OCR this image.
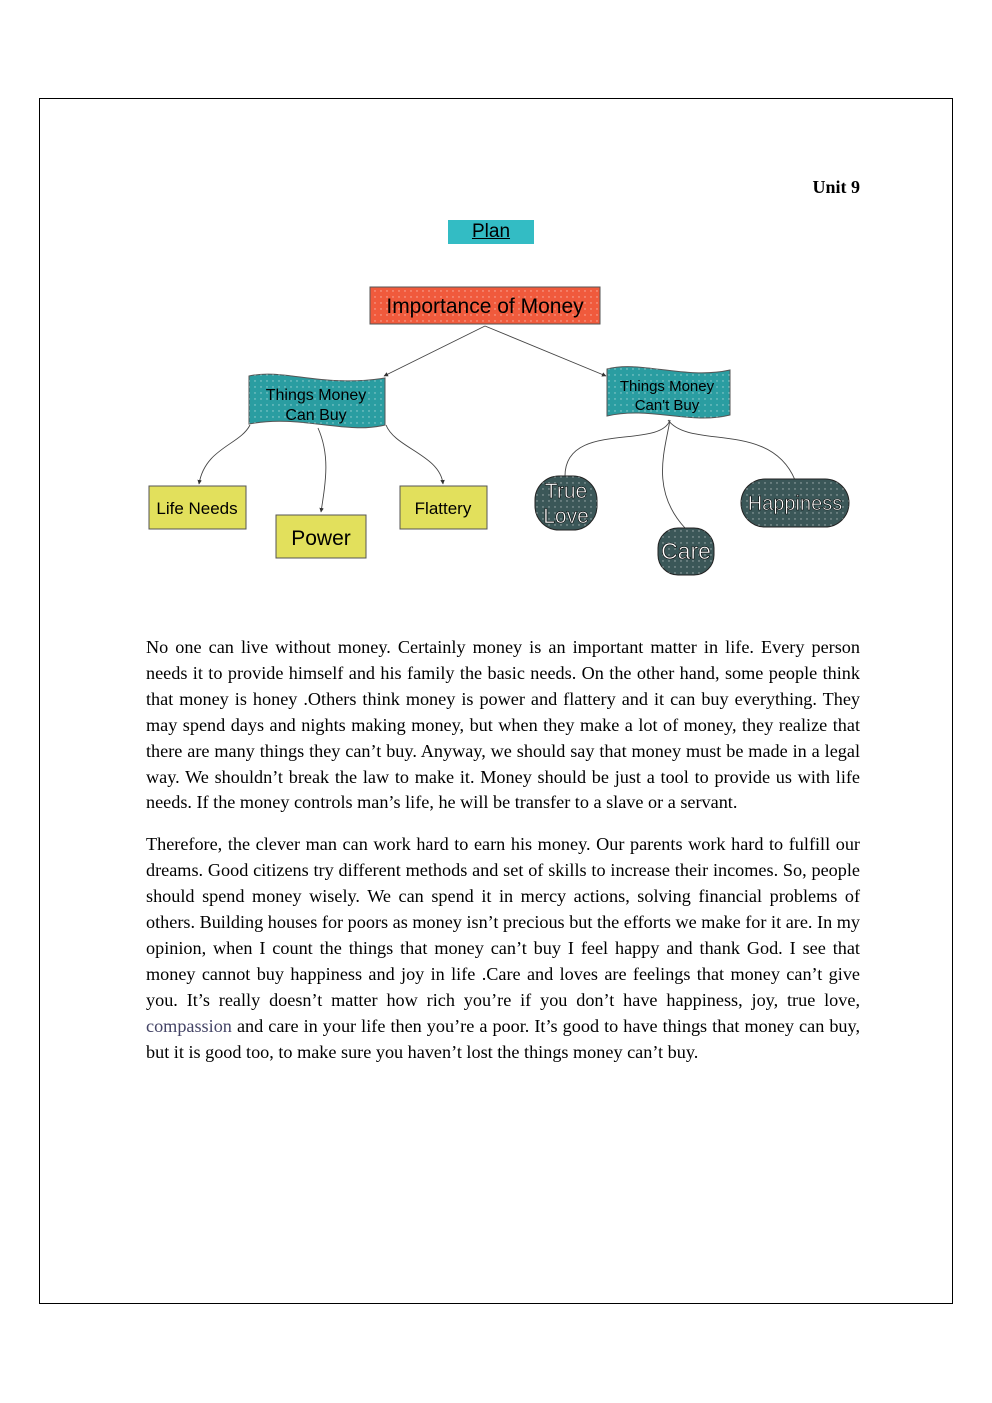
Unit 9
Plan
Importance of Money
Things Money
Can Buy
Things Money
Can't Buy
Life Needs
Power
Flattery
True
Love
Care
Happiness

No one can live without money. Certainly money is an important matter in life. Every person needs it to provide himself and his family the basic needs. On the other hand, some people think that money is honey .Others think money is power and flattery and it can buy everything. They may spend days and nights making money, but when they make a lot of money, they realize that there are many things they can’t buy. Anyway, we should say that money must be made in a legal way. We shouldn’t break the law to make it. Money should be just a tool to provide us with life needs. If the money controls man’s life, he will be transfer to a slave or a servant.

Therefore, the clever man can work hard to earn his money. Our parents work hard to fulfill our dreams. Good citizens try different methods and set of skills to increase their incomes. So, people should spend money wisely. We can spend it in mercy actions, solving financial problems of others. Building houses for poors as money isn’t precious but the efforts we make for it are. In my opinion, when I count the things that money can’t buy I feel happy and thank God. I see that money cannot buy happiness and joy in life .Care and loves are feelings that money can’t give you. It’s really doesn’t matter how rich you’re if you don’t have happiness, joy, true love, compassion and care in your life then you’re a poor. It’s good to have things that money can buy, but it is good too, to make sure you haven’t lost the things money can’t buy.
